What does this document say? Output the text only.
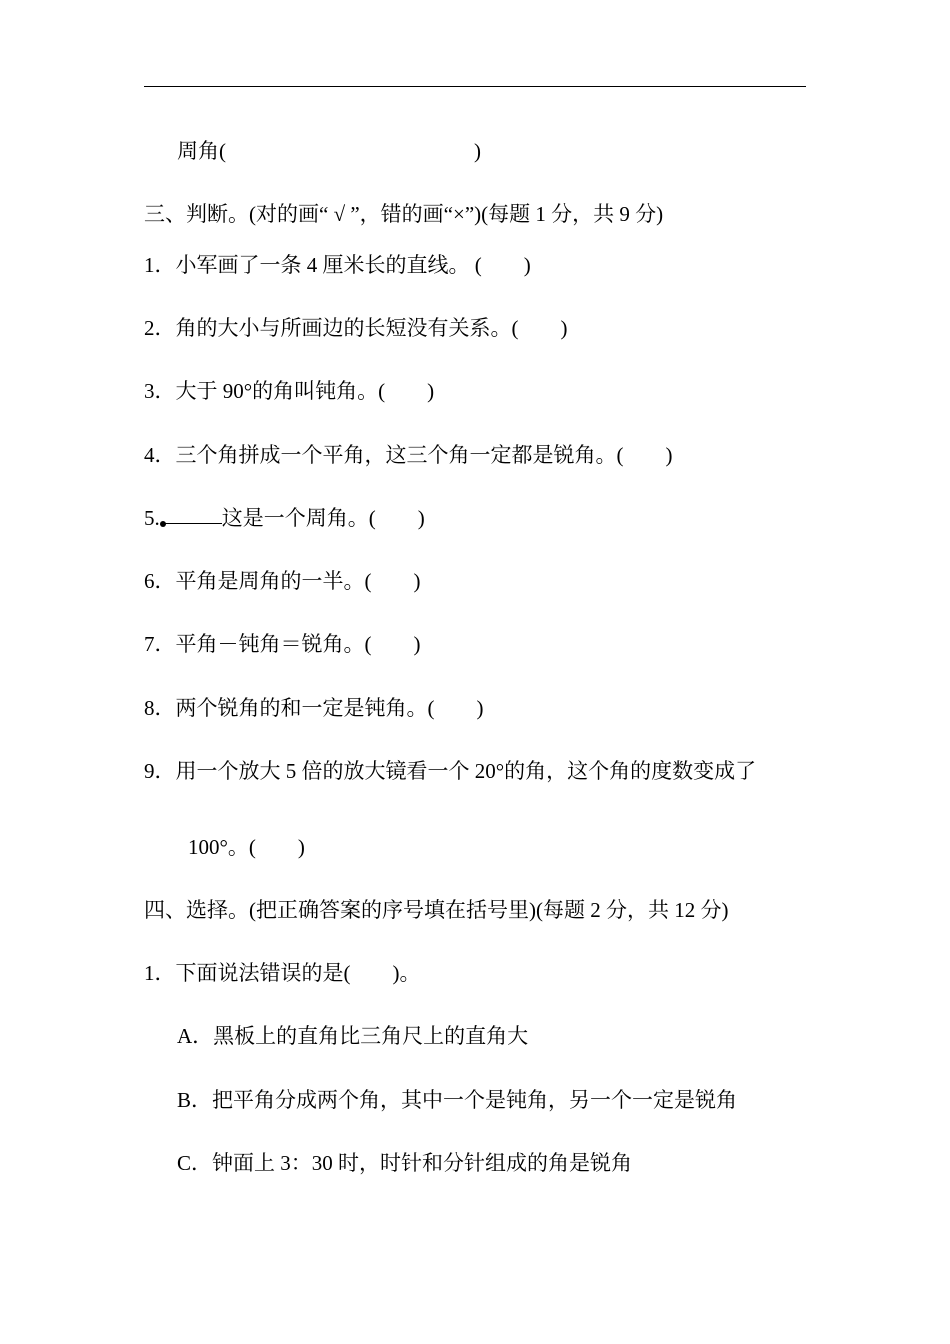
周角(	)
三、判断。(对的画“ √ ”，错的画“×”)(每题 1 分，共 9 分)
1．小军画了一条 4 厘米长的直线。 (　　)
2．角的大小与所画边的长短没有关系。(　　)
3．大于 90°的角叫钝角。(　　)
4．三个角拼成一个平角，这三个角一定都是锐角。(　　)
5.	这是一个周角。(　　)
6．平角是周角的一半。(　　)
7．平角－钝角＝锐角。(　　)
8．两个锐角的和一定是钝角。(　　)
9．用一个放大 5 倍的放大镜看一个 20°的角，这个角的度数变成了
100°。(　　)
四、选择。(把正确答案的序号填在括号里)(每题 2 分，共 12 分)
1．下面说法错误的是(　　)。
A．黑板上的直角比三角尺上的直角大
B．把平角分成两个角，其中一个是钝角，另一个一定是锐角
C．钟面上 3：30 时，时针和分针组成的角是锐角
